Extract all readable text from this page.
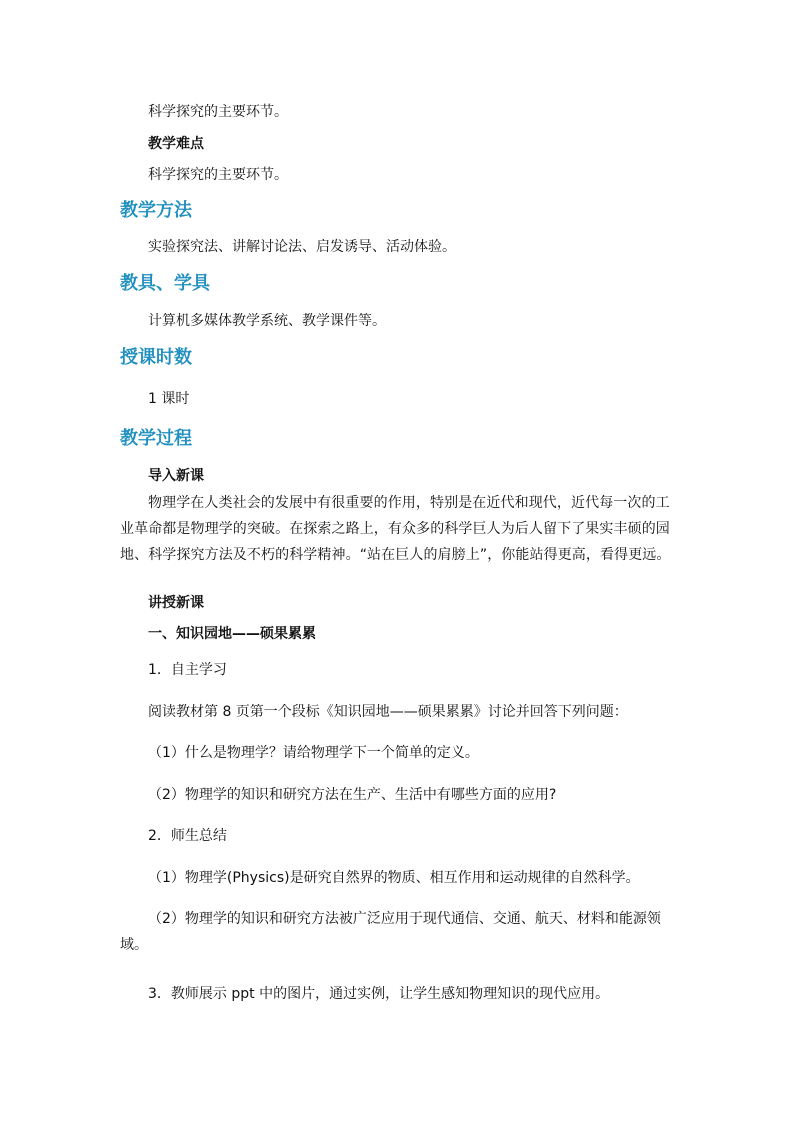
科学探究的主要环节。
教学难点
科学探究的主要环节。
教学方法
实验探究法、讲解讨论法、启发诱导、活动体验。
教具、学具
计算机多媒体教学系统、教学课件等。
授课时数
1 课时
教学过程
导入新课
物理学在人类社会的发展中有很重要的作用，特别是在近代和现代，近代每一次的工业革命都是物理学的突破。在探索之路上，有众多的科学巨人为后人留下了果实丰硕的园地、科学探究方法及不朽的科学精神。“站在巨人的肩膀上”，你能站得更高，看得更远。
讲授新课
一、知识园地——硕果累累
1．自主学习
阅读教材第 8 页第一个段标《知识园地——硕果累累》讨论并回答下列问题：
（1）什么是物理学？请给物理学下一个简单的定义。
（2）物理学的知识和研究方法在生产、生活中有哪些方面的应用?
2．师生总结
（1）物理学(Physics)是研究自然界的物质、相互作用和运动规律的自然科学。
（2）物理学的知识和研究方法被广泛应用于现代通信、交通、航天、材料和能源领域。
3．教师展示 ppt 中的图片，通过实例，让学生感知物理知识的现代应用。
